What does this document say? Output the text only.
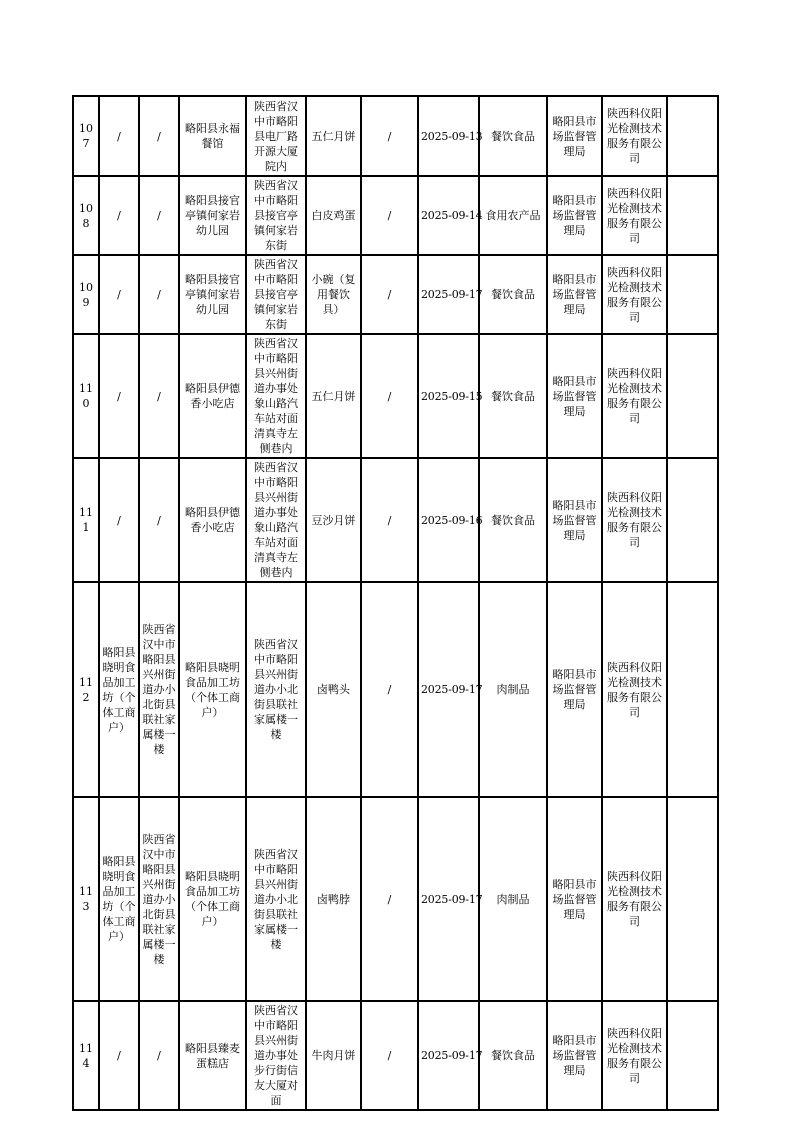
107	/	/	略阳县永福餐馆	陕西省汉中市略阳县电厂路开源大厦院内	五仁月饼	/	2025-09-13	餐饮食品	略阳县市场监督管理局	陕西科仪阳光检测技术服务有限公司	
108	/	/	略阳县接官亭镇何家岩幼儿园	陕西省汉中市略阳县接官亭镇何家岩东街	白皮鸡蛋	/	2025-09-14	食用农产品	略阳县市场监督管理局	陕西科仪阳光检测技术服务有限公司	
109	/	/	略阳县接官亭镇何家岩幼儿园	陕西省汉中市略阳县接官亭镇何家岩东街	小碗（复用餐饮具）	/	2025-09-17	餐饮食品	略阳县市场监督管理局	陕西科仪阳光检测技术服务有限公司	
110	/	/	略阳县伊德香小吃店	陕西省汉中市略阳县兴州街道办事处象山路汽车站对面清真寺左侧巷内	五仁月饼	/	2025-09-15	餐饮食品	略阳县市场监督管理局	陕西科仪阳光检测技术服务有限公司	
111	/	/	略阳县伊德香小吃店	陕西省汉中市略阳县兴州街道办事处象山路汽车站对面清真寺左侧巷内	豆沙月饼	/	2025-09-16	餐饮食品	略阳县市场监督管理局	陕西科仪阳光检测技术服务有限公司	
112	略阳县晓明食品加工坊（个体工商户）	陕西省汉中市略阳县兴州街道办小北街县联社家属楼一楼	略阳县晓明食品加工坊（个体工商户）	陕西省汉中市略阳县兴州街道办小北街县联社家属楼一楼	卤鸭头	/	2025-09-17	肉制品	略阳县市场监督管理局	陕西科仪阳光检测技术服务有限公司	
113	略阳县晓明食品加工坊（个体工商户）	陕西省汉中市略阳县兴州街道办小北街县联社家属楼一楼	略阳县晓明食品加工坊（个体工商户）	陕西省汉中市略阳县兴州街道办小北街县联社家属楼一楼	卤鸭脖	/	2025-09-17	肉制品	略阳县市场监督管理局	陕西科仪阳光检测技术服务有限公司	
114	/	/	略阳县臻麦蛋糕店	陕西省汉中市略阳县兴州街道办事处步行街信友大厦对面	牛肉月饼	/	2025-09-17	餐饮食品	略阳县市场监督管理局	陕西科仪阳光检测技术服务有限公司	
